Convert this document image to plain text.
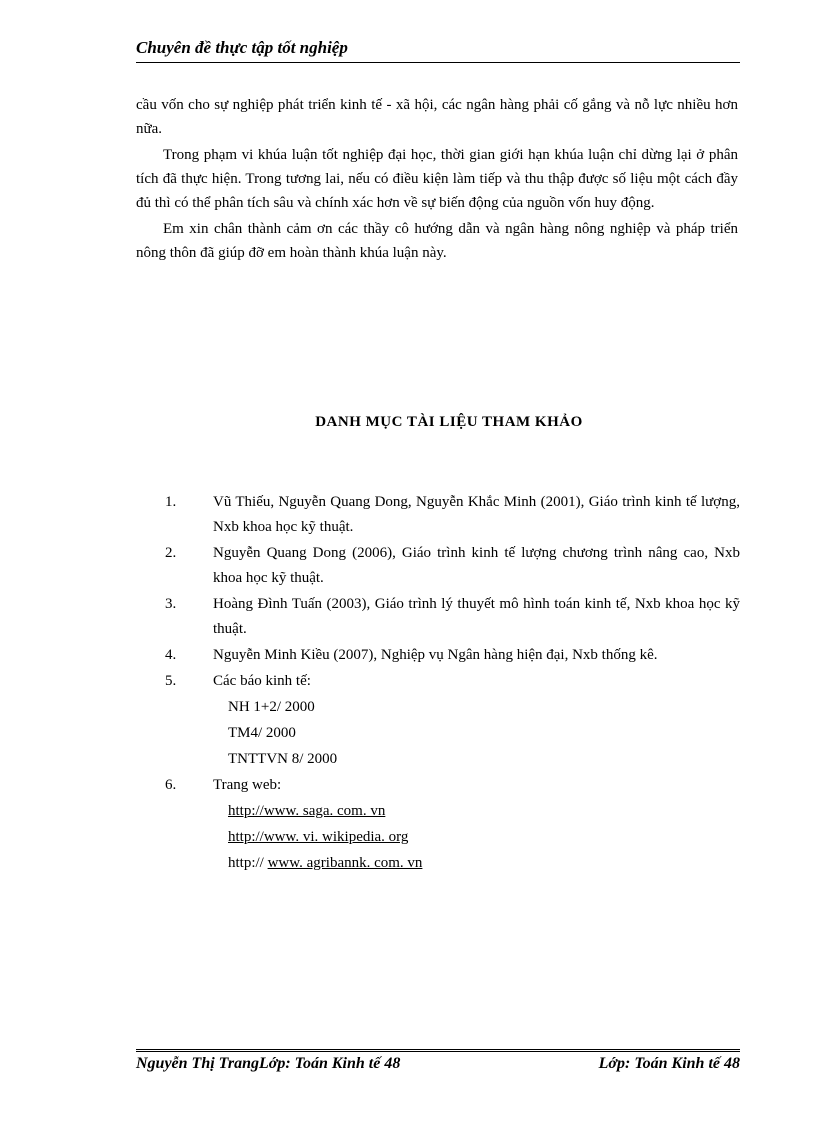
Chuyên đề thực tập tốt nghiệp

cầu vốn cho sự nghiệp phát triển kinh tế - xã hội, các ngân hàng phải cố gắng và nỗ lực nhiều hơn nữa.

Trong phạm vi khúa luận tốt nghiệp đại học, thời gian giới hạn khúa luận chỉ dừng lại ở phân tích đã thực hiện. Trong tương lai, nếu có điều kiện làm tiếp và thu thập được số liệu một cách đầy đủ thì có thể phân tích sâu và chính xác hơn về sự biến động của nguồn vốn huy động.

Em xin chân thành cảm ơn các thầy cô hướng dẫn và ngân hàng nông nghiệp và pháp triển nông thôn đã giúp đỡ em hoàn thành khúa luận này.

DANH MỤC TÀI LIỆU THAM KHẢO
1. Vũ Thiếu, Nguyễn Quang Dong, Nguyễn Khắc Minh (2001), Giáo trình kinh tế lượng, Nxb khoa học kỹ thuật.
2. Nguyễn Quang Dong (2006), Giáo trình kinh tế lượng chương trình nâng cao, Nxb khoa học kỹ thuật.
3. Hoàng Đình Tuấn (2003), Giáo trình lý thuyết mô hình toán kinh tế, Nxb khoa học kỹ thuật.
4. Nguyễn Minh Kiều (2007), Nghiệp vụ Ngân hàng hiện đại, Nxb thống kê.
5. Các báo kinh tế:
NH 1+2/ 2000
TM4/ 2000
TNTTVN 8/ 2000
6. Trang web:
http://www. saga. com. vn
http://www. vi. wikipedia. org
http:// www. agribannk. com. vn
Nguyễn Thị TrangLớp: Toán Kinh tế 48	Lớp: Toán Kinh tế 48
